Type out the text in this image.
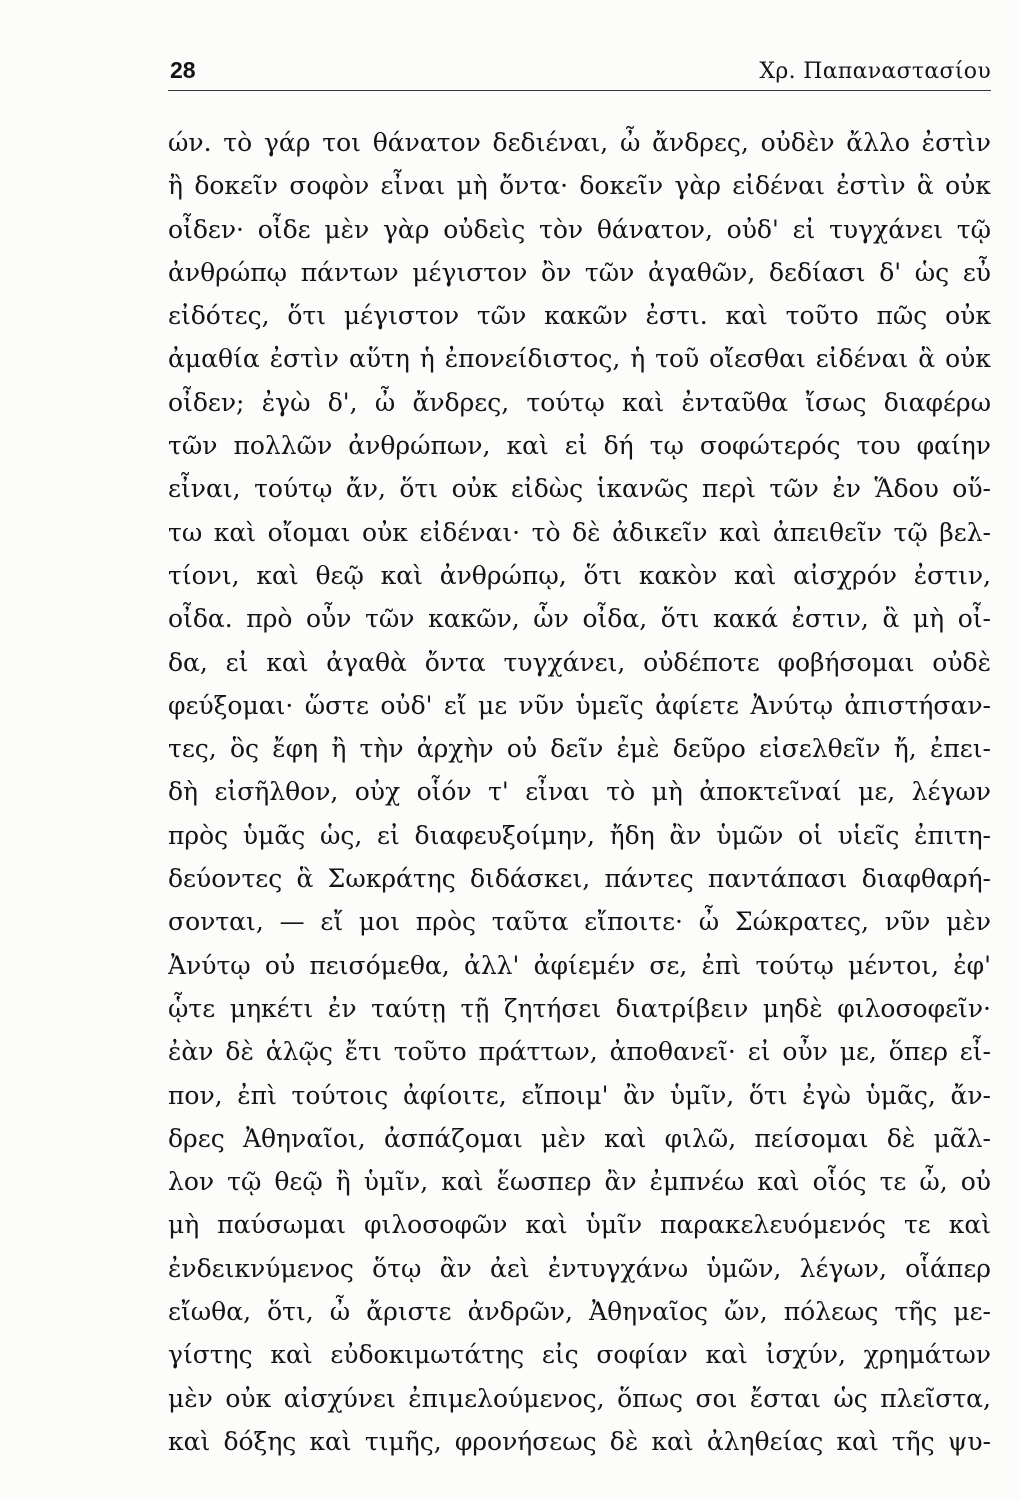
28	Χρ. Παπαναστασίου
ών. τὸ γάρ τοι θάνατον δεδιέναι, ὦ ἄνδρες, οὐδὲν ἄλλο ἐστὶν
ἢ δοκεῖν σοφὸν εἶναι μὴ ὄντα· δοκεῖν γὰρ εἰδέναι ἐστὶν ἃ οὐκ
οἶδεν· οἶδε μὲν γὰρ οὐδεὶς τὸν θάνατον, οὐδ' εἰ τυγχάνει τῷ
ἀνθρώπῳ πάντων μέγιστον ὂν τῶν ἀγαθῶν, δεδίασι δ' ὡς εὖ
εἰδότες, ὅτι μέγιστον τῶν κακῶν ἐστι. καὶ τοῦτο πῶς οὐκ
ἀμαθία ἐστὶν αὕτη ἡ ἐπονείδιστος, ἡ τοῦ οἴεσθαι εἰδέναι ἃ οὐκ
οἶδεν; ἐγὼ δ', ὦ ἄνδρες, τούτῳ καὶ ἐνταῦθα ἴσως διαφέρω
τῶν πολλῶν ἀνθρώπων, καὶ εἰ δή τῳ σοφώτερός του φαίην
εἶναι, τούτῳ ἄν, ὅτι οὐκ εἰδὼς ἱκανῶς περὶ τῶν ἐν Ἅδου οὕ-
τω καὶ οἴομαι οὐκ εἰδέναι· τὸ δὲ ἀδικεῖν καὶ ἀπειθεῖν τῷ βελ-
τίονι, καὶ θεῷ καὶ ἀνθρώπῳ, ὅτι κακὸν καὶ αἰσχρόν ἐστιν,
οἶδα. πρὸ οὖν τῶν κακῶν, ὧν οἶδα, ὅτι κακά ἐστιν, ἃ μὴ οἶ-
δα, εἰ καὶ ἀγαθὰ ὄντα τυγχάνει, οὐδέποτε φοβήσομαι οὐδὲ
φεύξομαι· ὥστε οὐδ' εἴ με νῦν ὑμεῖς ἀφίετε Ἀνύτῳ ἀπιστήσαν-
τες, ὃς ἔφη ἢ τὴν ἀρχὴν οὐ δεῖν ἐμὲ δεῦρο εἰσελθεῖν ἤ, ἐπει-
δὴ εἰσῆλθον, οὐχ οἷόν τ' εἶναι τὸ μὴ ἀποκτεῖναί με, λέγων
πρὸς ὑμᾶς ὡς, εἰ διαφευξοίμην, ἤδη ἂν ὑμῶν οἱ υἱεῖς ἐπιτη-
δεύοντες ἃ Σωκράτης διδάσκει, πάντες παντάπασι διαφθαρή-
σονται, — εἴ μοι πρὸς ταῦτα εἴποιτε· ὦ Σώκρατες, νῦν μὲν
Ἀνύτῳ οὐ πεισόμεθα, ἀλλ' ἀφίεμέν σε, ἐπὶ τούτῳ μέντοι, ἐφ'
ᾧτε μηκέτι ἐν ταύτῃ τῇ ζητήσει διατρίβειν μηδὲ φιλοσοφεῖν·
ἐὰν δὲ ἁλῷς ἔτι τοῦτο πράττων, ἀποθανεῖ· εἰ οὖν με, ὅπερ εἶ-
πον, ἐπὶ τούτοις ἀφίοιτε, εἴποιμ' ἂν ὑμῖν, ὅτι ἐγὼ ὑμᾶς, ἄν-
δρες Ἀθηναῖοι, ἀσπάζομαι μὲν καὶ φιλῶ, πείσομαι δὲ μᾶλ-
λον τῷ θεῷ ἢ ὑμῖν, καὶ ἕωσπερ ἂν ἐμπνέω καὶ οἷός τε ὦ, οὐ
μὴ παύσωμαι φιλοσοφῶν καὶ ὑμῖν παρακελευόμενός τε καὶ
ἐνδεικνύμενος ὅτῳ ἂν ἀεὶ ἐντυγχάνω ὑμῶν, λέγων, οἷάπερ
εἴωθα, ὅτι, ὦ ἄριστε ἀνδρῶν, Ἀθηναῖος ὤν, πόλεως τῆς με-
γίστης καὶ εὐδοκιμωτάτης εἰς σοφίαν καὶ ἰσχύν, χρημάτων
μὲν οὐκ αἰσχύνει ἐπιμελούμενος, ὅπως σοι ἔσται ὡς πλεῖστα,
καὶ δόξης καὶ τιμῆς, φρονήσεως δὲ καὶ ἀληθείας καὶ τῆς ψυ-
